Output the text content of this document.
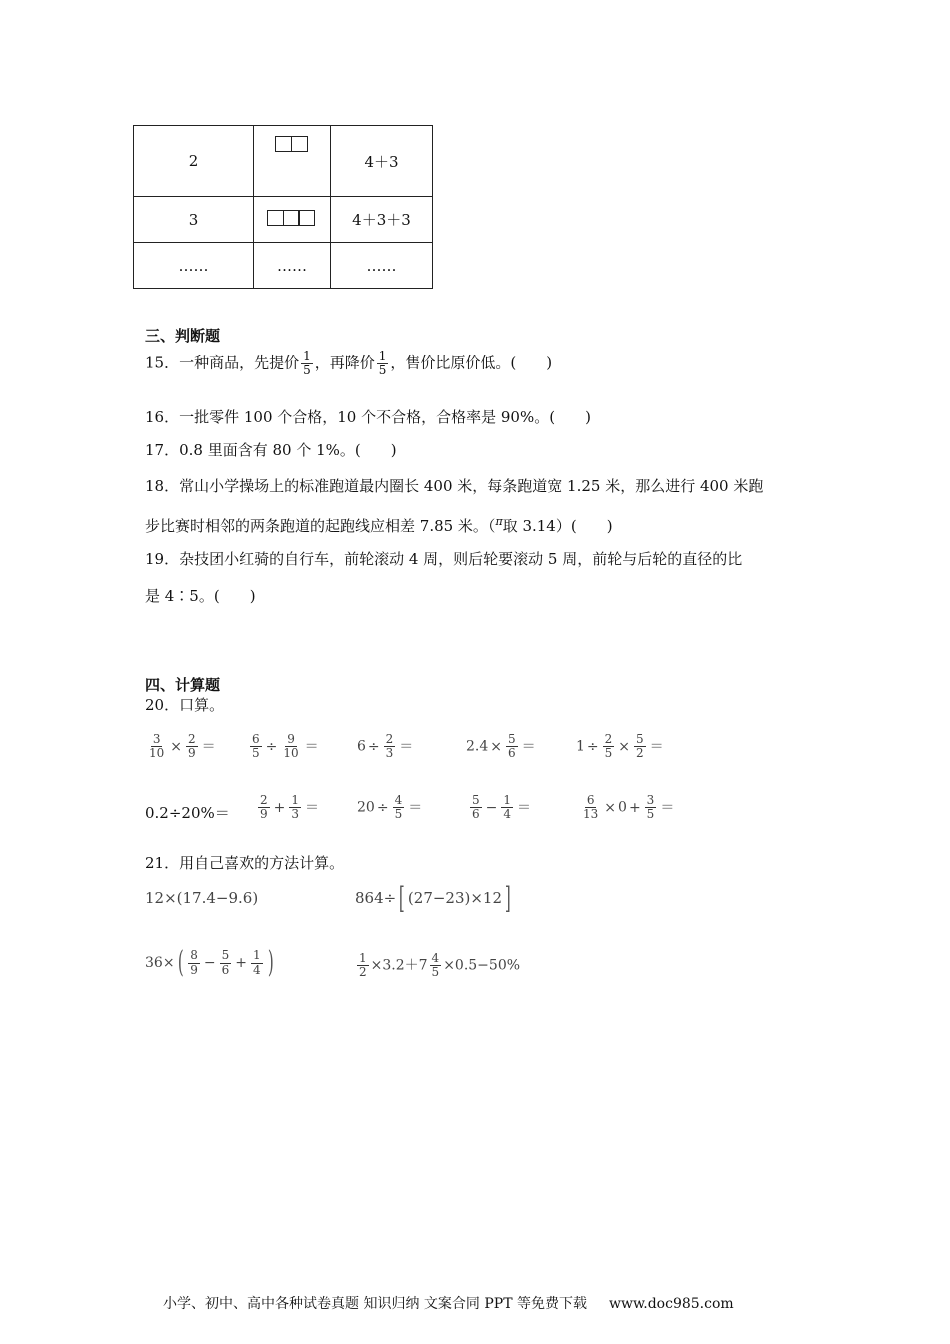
2		4＋3
3		4＋3＋3
……	……	……
三、判断题
15．一种商品，先提价 $\frac{1}{5}$ ，再降价 $\frac{1}{5}$ ，售价比原价低。(　　)
16．一批零件 100 个合格，10 个不合格，合格率是 90%。(　　)
17．0.8 里面含有 80 个 1%。(　　)
18．常山小学操场上的标准跑道最内圈长 400 米，每条跑道宽 1.25 米，那么进行 400 米跑
步比赛时相邻的两条跑道的起跑线应相差 7.85 米。（$^\pi$取 3.14）(　　)
19．杂技团小红骑的自行车，前轮滚动 4 周，则后轮要滚动 5 周，前轮与后轮的直径的比
是 4∶5。(　　)
四、计算题
20．口算。
$\frac{3}{10} \times \frac{2}{9}$ ＝	$\frac{6}{5} \div \frac{9}{10}$ ＝	$6 \div \frac{2}{3}$ ＝	$2.4 \times \frac{5}{6}$ ＝	$1 \div \frac{2}{5} \times \frac{5}{2}$ ＝
$0.2\div 20\%= \frac{2}{9} + \frac{1}{3}$ ＝	$20 \div \frac{4}{5}$ ＝	$\frac{5}{6} - \frac{1}{4}$ ＝	$\frac{6}{13} \times 0 + \frac{3}{5}$ ＝
21．用自己喜欢的方法计算。
12×(17.4−9.6)	864÷[ (27−23)×12]
$36\times( \frac{8}{9} - \frac{5}{6} + \frac{1}{4}$ )	$\frac{1}{2} \times 3.2+7 \frac{4}{5} \times 0.5-50\%$
小学、初中、高中各种试卷真题 知识归纳 文案合同 PPT 等免费下载 www.doc985.com
